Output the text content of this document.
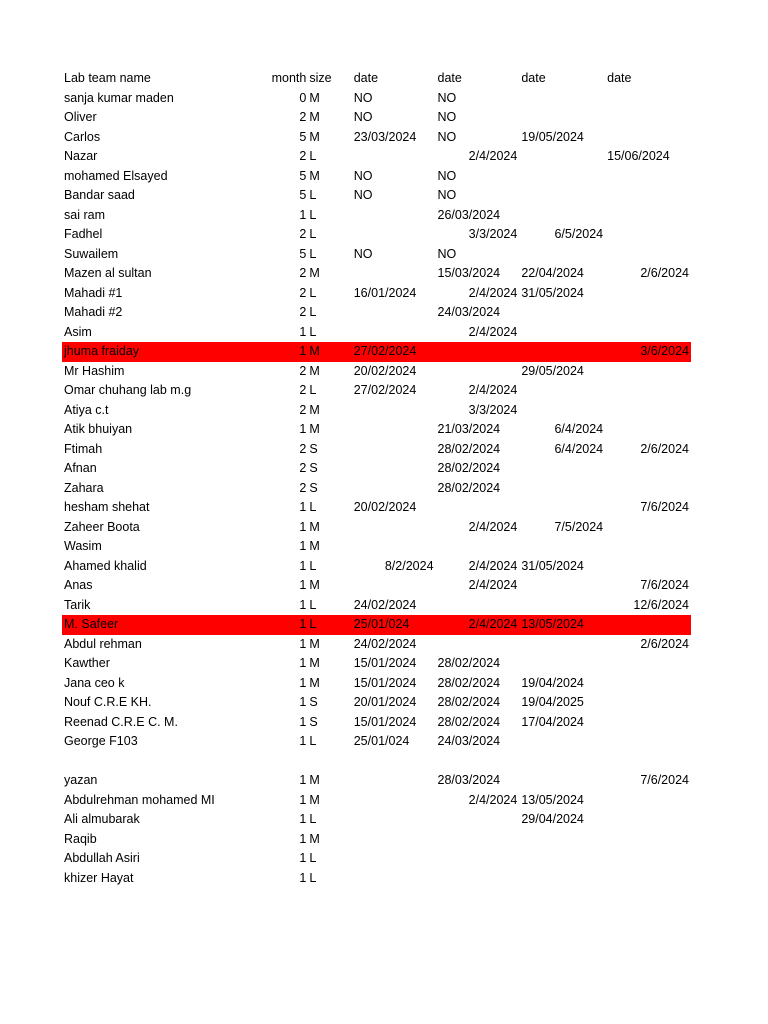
Lab team name	month	size	date	date	date	date
sanja kumar maden	0	M	NO	NO		
Oliver	2	M	NO	NO		
Carlos	5	M	23/03/2024	NO	19/05/2024	
Nazar	2	L		2/4/2024		15/06/2024
mohamed Elsayed	5	M	NO	NO		
Bandar saad	5	L	NO	NO		
sai ram	1	L		26/03/2024		
Fadhel	2	L		3/3/2024	6/5/2024	
Suwailem	5	L	NO	NO		
Mazen al sultan	2	M		15/03/2024	22/04/2024	2/6/2024
Mahadi #1	2	L	16/01/2024	2/4/2024	31/05/2024	
Mahadi #2	2	L		24/03/2024		
Asim	1	L		2/4/2024		
jhuma fraiday	1	M	27/02/2024			3/6/2024
Mr Hashim	2	M	20/02/2024		29/05/2024	
Omar chuhang lab m.g	2	L	27/02/2024	2/4/2024		
Atiya c.t	2	M		3/3/2024		
Atik bhuiyan	1	M		21/03/2024	6/4/2024	
Ftimah	2	S		28/02/2024	6/4/2024	2/6/2024
Afnan	2	S		28/02/2024		
Zahara	2	S		28/02/2024		
hesham shehat	1	L	20/02/2024			7/6/2024
Zaheer Boota	1	M		2/4/2024	7/5/2024	
Wasim	1	M				
Ahamed khalid	1	L	8/2/2024	2/4/2024	31/05/2024	
Anas	1	M		2/4/2024		7/6/2024
Tarik	1	L	24/02/2024			12/6/2024
M. Safeer	1	L	25/01/024	2/4/2024	13/05/2024	
Abdul rehman	1	M	24/02/2024			2/6/2024
Kawther	1	M	15/01/2024	28/02/2024		
Jana ceo k	1	M	15/01/2024	28/02/2024	19/04/2024	
Nouf C.R.E KH.	1	S	20/01/2024	28/02/2024	19/04/2025	
Reenad C.R.E C. M.	1	S	15/01/2024	28/02/2024	17/04/2024	
George F103	1	L	25/01/024	24/03/2024		

yazan	1	M		28/03/2024		7/6/2024
Abdulrehman mohamed MI	1	M		2/4/2024	13/05/2024	
Ali almubarak	1	L			29/04/2024	
Raqib	1	M				
Abdullah Asiri	1	L				
khizer Hayat	1	L				
